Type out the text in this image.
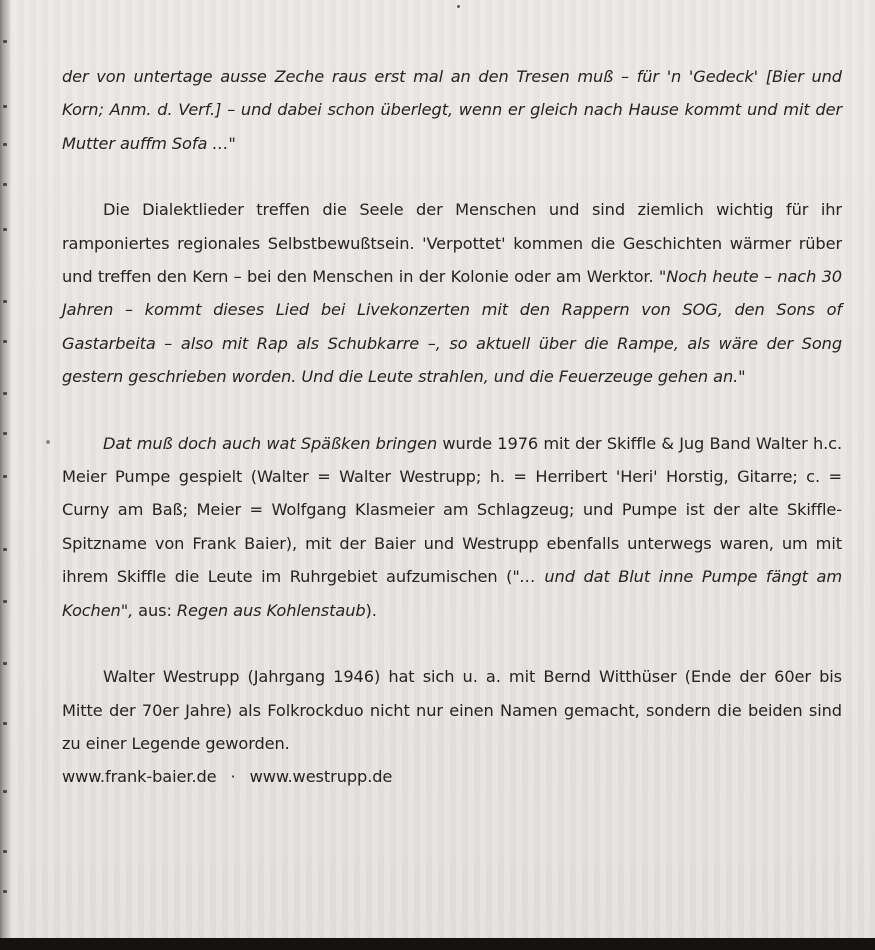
der von untertage ausse Zeche raus erst mal an den Tresen muß – für 'n 'Gedeck' [Bier und Korn; Anm. d. Verf.] – und dabei schon überlegt, wenn er gleich nach Hause kommt und mit der Mutter auffm Sofa …"

Die Dialektlieder treffen die Seele der Menschen und sind ziemlich wichtig für ihr ramponiertes regionales Selbstbewußtsein. 'Verpottet' kommen die Geschichten wärmer rüber und treffen den Kern – bei den Menschen in der Kolonie oder am Werktor. "Noch heute – nach 30 Jahren – kommt dieses Lied bei Livekonzerten mit den Rappern von SOG, den Sons of Gastarbeita – also mit Rap als Schubkarre –, so aktuell über die Rampe, als wäre der Song gestern geschrieben worden. Und die Leute strahlen, und die Feuerzeuge gehen an."

Dat muß doch auch wat Späßken bringen wurde 1976 mit der Skiffle & Jug Band Walter h.c. Meier Pumpe gespielt (Walter = Walter Westrupp; h. = Herribert 'Heri' Horstig, Gitarre; c. = Curny am Baß; Meier = Wolfgang Klasmeier am Schlagzeug; und Pumpe ist der alte Skiffle-Spitzname von Frank Baier), mit der Baier und Westrupp ebenfalls unterwegs waren, um mit ihrem Skiffle die Leute im Ruhrgebiet aufzumischen ("… und dat Blut inne Pumpe fängt am Kochen", aus: Regen aus Kohlenstaub).

Walter Westrupp (Jahrgang 1946) hat sich u. a. mit Bernd Witthüser (Ende der 60er bis Mitte der 70er Jahre) als Folkrockduo nicht nur einen Namen gemacht, sondern die beiden sind zu einer Legende geworden.

www.frank-baier.de · www.westrupp.de
